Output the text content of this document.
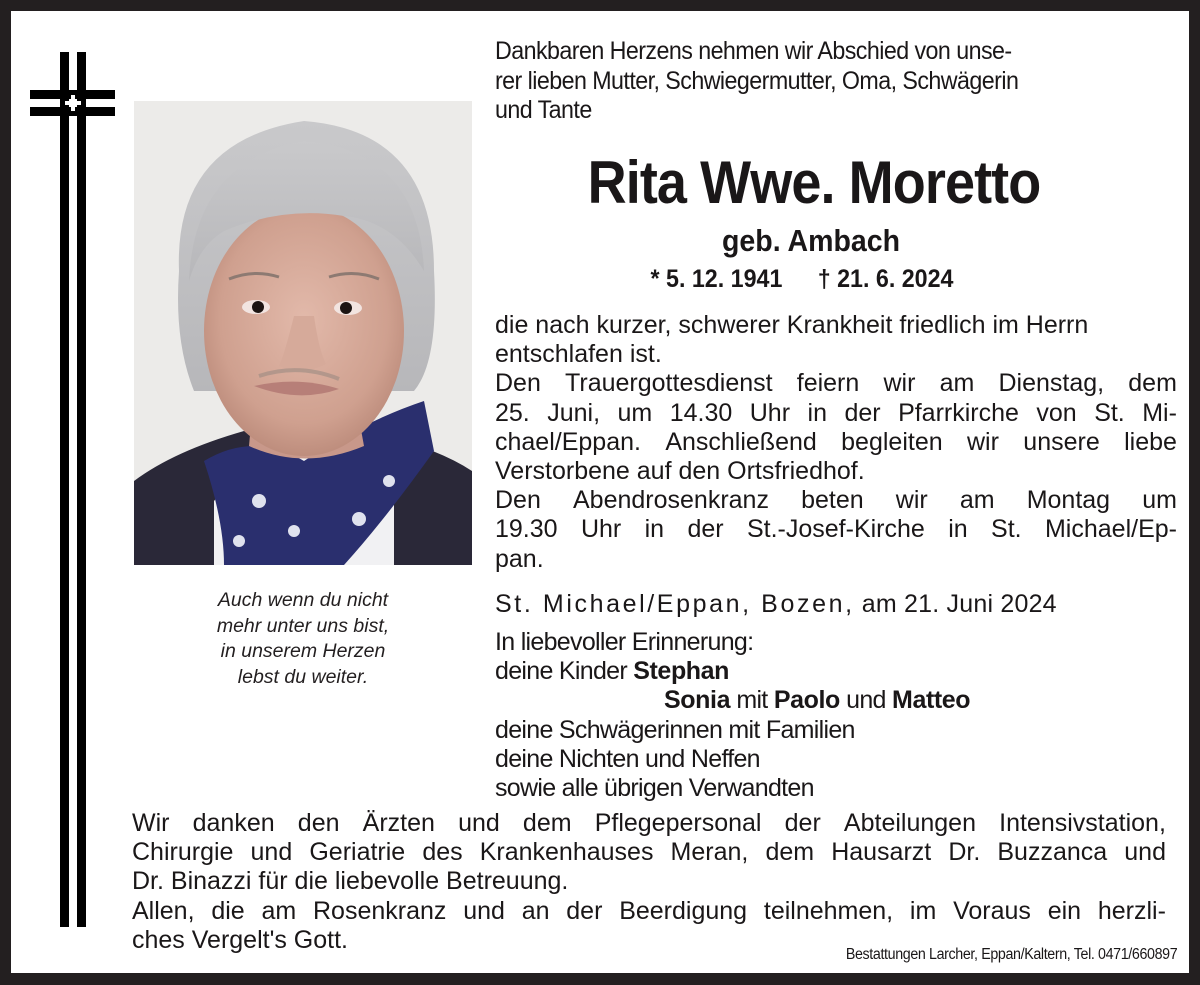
Auch wenn du nicht
mehr unter uns bist,
in unserem Herzen
lebst du weiter.
Dankbaren Herzens nehmen wir Abschied von unse-
rer lieben Mutter, Schwiegermutter, Oma, Schwägerin
und Tante
Rita Wwe. Moretto
geb. Ambach
* 5. 12. 1941 † 21. 6. 2024
die nach kurzer, schwerer Krankheit friedlich im Herrn
entschlafen ist.
Den Trauergottesdienst feiern wir am Dienstag, dem
25. Juni, um 14.30 Uhr in der Pfarrkirche von St. Mi-
chael/Eppan. Anschließend begleiten wir unsere liebe
Verstorbene auf den Ortsfriedhof.
Den Abendrosenkranz beten wir am Montag um
19.30 Uhr in der St.-Josef-Kirche in St. Michael/Ep-
pan.
St. Michael/Eppan, Bozen, am 21. Juni 2024
In liebevoller Erinnerung:
deine Kinder Stephan
Sonia mit Paolo und Matteo
deine Schwägerinnen mit Familien
deine Nichten und Neffen
sowie alle übrigen Verwandten
Wir danken den Ärzten und dem Pflegepersonal der Abteilungen Intensivstation,
Chirurgie und Geriatrie des Krankenhauses Meran, dem Hausarzt Dr. Buzzanca und
Dr. Binazzi für die liebevolle Betreuung.
Allen, die am Rosenkranz und an der Beerdigung teilnehmen, im Voraus ein herzli-
ches Vergelt's Gott.
Bestattungen Larcher, Eppan/Kaltern, Tel. 0471/660897
